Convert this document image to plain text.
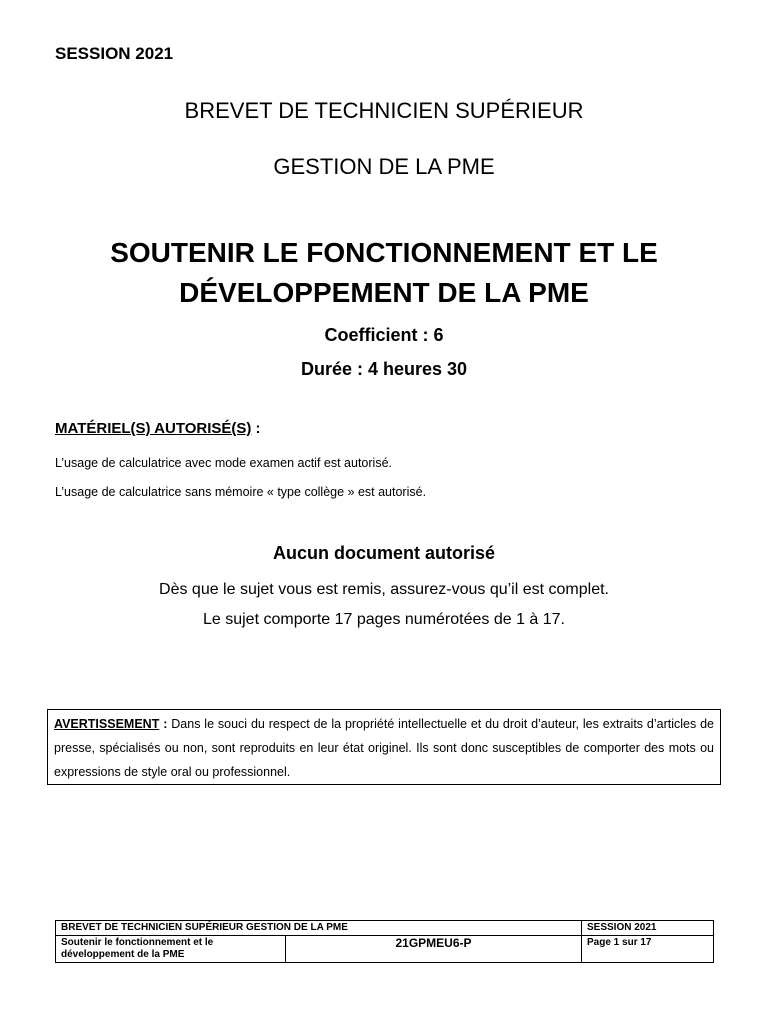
SESSION 2021

BREVET DE TECHNICIEN SUPÉRIEUR

GESTION DE LA PME

SOUTENIR LE FONCTIONNEMENT ET LE
DÉVELOPPEMENT DE LA PME

Coefficient : 6

Durée : 4 heures 30

MATÉRIEL(S) AUTORISÉ(S) :

L’usage de calculatrice avec mode examen actif est autorisé.

L’usage de calculatrice sans mémoire « type collège » est autorisé.

Aucun document autorisé

Dès que le sujet vous est remis, assurez-vous qu’il est complet.

Le sujet comporte 17 pages numérotées de 1 à 17.

AVERTISSEMENT : Dans le souci du respect de la propriété intellectuelle et du droit d’auteur, les extraits d’articles de presse, spécialisés ou non, sont reproduits en leur état originel. Ils sont donc susceptibles de comporter des mots ou expressions de style oral ou professionnel.
BREVET DE TECHNICIEN SUPÉRIEUR GESTION DE LA PME		SESSION 2021
Soutenir le fonctionnement et le
développement de la PME	21GPMEU6-P	Page 1 sur 17
